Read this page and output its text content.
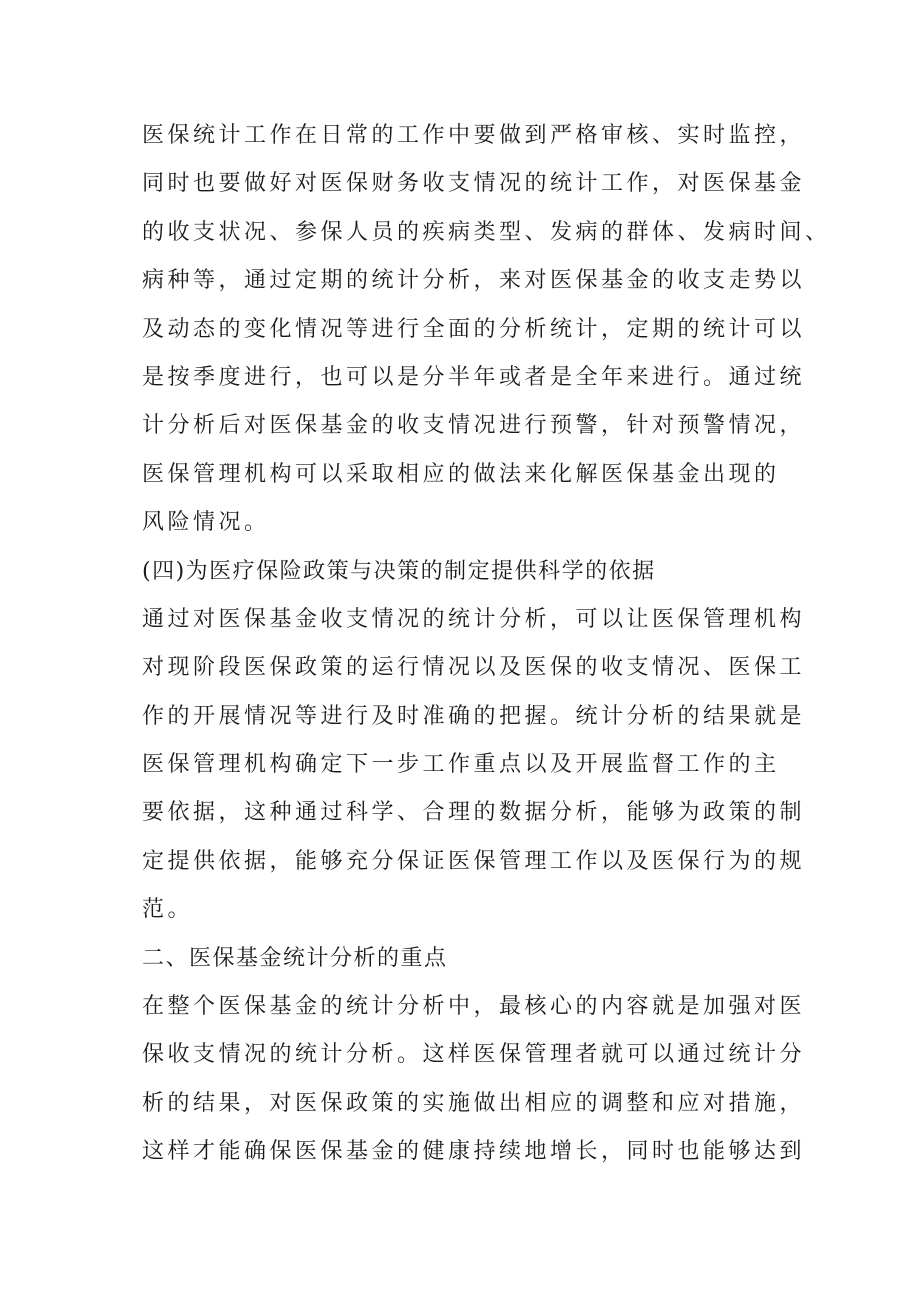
医保统计工作在日常的工作中要做到严格审核、实时监控，
同时也要做好对医保财务收支情况的统计工作，对医保基金
的收支状况、参保人员的疾病类型、发病的群体、发病时间、
病种等，通过定期的统计分析，来对医保基金的收支走势以
及动态的变化情况等进行全面的分析统计，定期的统计可以
是按季度进行，也可以是分半年或者是全年来进行。通过统
计分析后对医保基金的收支情况进行预警，针对预警情况，
医保管理机构可以采取相应的做法来化解医保基金出现的
风险情况。
(四)为医疗保险政策与决策的制定提供科学的依据
通过对医保基金收支情况的统计分析，可以让医保管理机构
对现阶段医保政策的运行情况以及医保的收支情况、医保工
作的开展情况等进行及时准确的把握。统计分析的结果就是
医保管理机构确定下一步工作重点以及开展监督工作的主
要依据，这种通过科学、合理的数据分析，能够为政策的制
定提供依据，能够充分保证医保管理工作以及医保行为的规
范。
二、医保基金统计分析的重点
在整个医保基金的统计分析中，最核心的内容就是加强对医
保收支情况的统计分析。这样医保管理者就可以通过统计分
析的结果，对医保政策的实施做出相应的调整和应对措施，
这样才能确保医保基金的健康持续地增长，同时也能够达到
